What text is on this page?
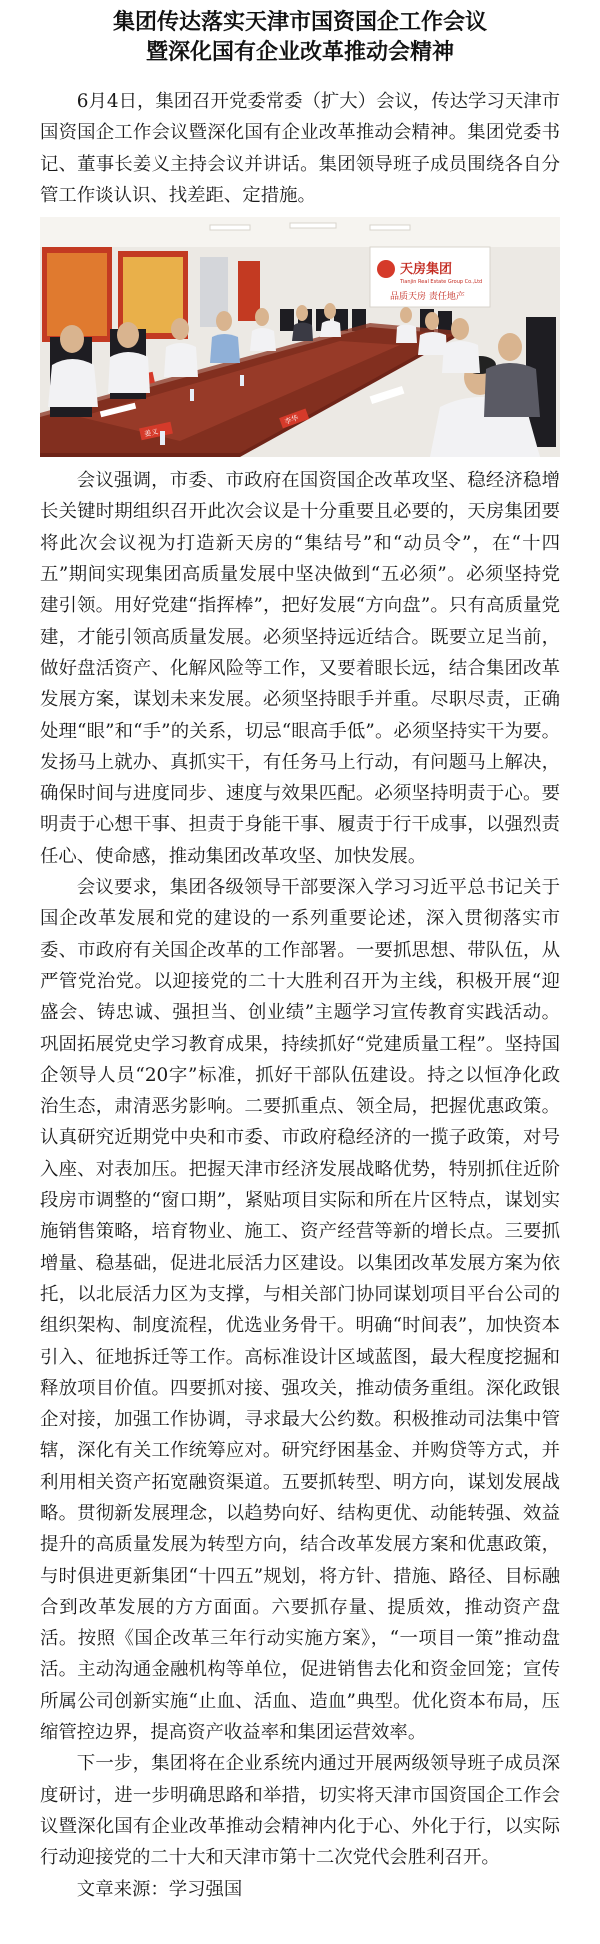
集团传达落实天津市国资国企工作会议
暨深化国有企业改革推动会精神

6月4日，集团召开党委常委（扩大）会议，传达学习天津市国资国企工作会议暨深化国有企业改革推动会精神。集团党委书记、董事长姜义主持会议并讲话。集团领导班子成员围绕各自分管工作谈认识、找差距、定措施。

天房集团
Tianjin Real Estate Group Co.,Ltd
品质天房 责任地产
姜义
李华

会议强调，市委、市政府在国资国企改革攻坚、稳经济稳增长关键时期组织召开此次会议是十分重要且必要的，天房集团要将此次会议视为打造新天房的“集结号”和“动员令”，在“十四五”期间实现集团高质量发展中坚决做到“五必须”。必须坚持党建引领。用好党建“指挥棒”，把好发展“方向盘”。只有高质量党建，才能引领高质量发展。必须坚持远近结合。既要立足当前，做好盘活资产、化解风险等工作，又要着眼长远，结合集团改革发展方案，谋划未来发展。必须坚持眼手并重。尽职尽责，正确处理“眼”和“手”的关系，切忌“眼高手低”。必须坚持实干为要。发扬马上就办、真抓实干，有任务马上行动，有问题马上解决，确保时间与进度同步、速度与效果匹配。必须坚持明责于心。要明责于心想干事、担责于身能干事、履责于行干成事，以强烈责任心、使命感，推动集团改革攻坚、加快发展。

会议要求，集团各级领导干部要深入学习习近平总书记关于国企改革发展和党的建设的一系列重要论述，深入贯彻落实市委、市政府有关国企改革的工作部署。一要抓思想、带队伍，从严管党治党。以迎接党的二十大胜利召开为主线，积极开展“迎盛会、铸忠诚、强担当、创业绩”主题学习宣传教育实践活动。巩固拓展党史学习教育成果，持续抓好“党建质量工程”。坚持国企领导人员“20字”标准，抓好干部队伍建设。持之以恒净化政治生态，肃清恶劣影响。二要抓重点、领全局，把握优惠政策。认真研究近期党中央和市委、市政府稳经济的一揽子政策，对号入座、对表加压。把握天津市经济发展战略优势，特别抓住近阶段房市调整的“窗口期”，紧贴项目实际和所在片区特点，谋划实施销售策略，培育物业、施工、资产经营等新的增长点。三要抓增量、稳基础，促进北辰活力区建设。以集团改革发展方案为依托，以北辰活力区为支撑，与相关部门协同谋划项目平台公司的组织架构、制度流程，优选业务骨干。明确“时间表”，加快资本引入、征地拆迁等工作。高标准设计区域蓝图，最大程度挖掘和释放项目价值。四要抓对接、强攻关，推动债务重组。深化政银企对接，加强工作协调，寻求最大公约数。积极推动司法集中管辖，深化有关工作统筹应对。研究纾困基金、并购贷等方式，并利用相关资产拓宽融资渠道。五要抓转型、明方向，谋划发展战略。贯彻新发展理念，以趋势向好、结构更优、动能转强、效益提升的高质量发展为转型方向，结合改革发展方案和优惠政策，与时俱进更新集团“十四五”规划，将方针、措施、路径、目标融合到改革发展的方方面面。六要抓存量、提质效，推动资产盘活。按照《国企改革三年行动实施方案》，“一项目一策”推动盘活。主动沟通金融机构等单位，促进销售去化和资金回笼；宣传所属公司创新实施“止血、活血、造血”典型。优化资本布局，压缩管控边界，提高资产收益率和集团运营效率。

下一步，集团将在企业系统内通过开展两级领导班子成员深度研讨，进一步明确思路和举措，切实将天津市国资国企工作会议暨深化国有企业改革推动会精神内化于心、外化于行，以实际行动迎接党的二十大和天津市第十二次党代会胜利召开。

文章来源：学习强国
